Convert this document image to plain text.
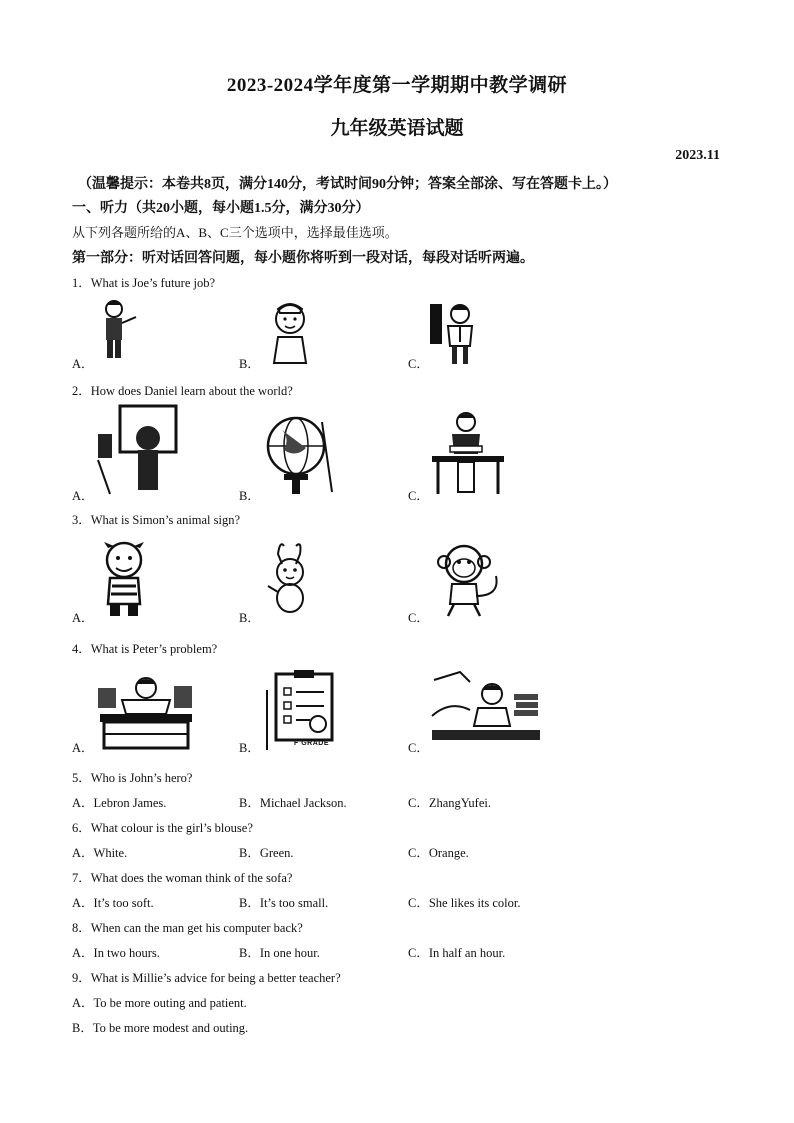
2023-2024学年度第一学期期中教学调研
九年级英语试题
2023.11
（温馨提示：本卷共8页，满分140分，考试时间90分钟；答案全部涂、写在答题卡上。）
一、听力（共20小题，每小题1.5分，满分30分）
从下列各题所给的A、B、C三个选项中，选择最佳选项。
第一部分：听对话回答问题，每小题你将听到一段对话，每段对话听两遍。
1．What is Joe’s future job?
A．	B．	C．
2．How does Daniel learn about the world?
A．	B．	C．
3．What is Simon’s animal sign?
A．	B．	C．
4．What is Peter’s problem?
A．	B．	C．
F GRADE
5．Who is John’s hero?
A．Lebron James.	B．Michael Jackson.	C．ZhangYufei.
6．What colour is the girl’s blouse?
A．White.	B．Green.	C．Orange.
7．What does the woman think of the sofa?
A．It’s too soft.	B．It’s too small.	C．She likes its color.
8．When can the man get his computer back?
A．In two hours.	B．In one hour.	C．In half an hour.
9．What is Millie’s advice for being a better teacher?
A．To be more outing and patient.
B．To be more modest and outing.
